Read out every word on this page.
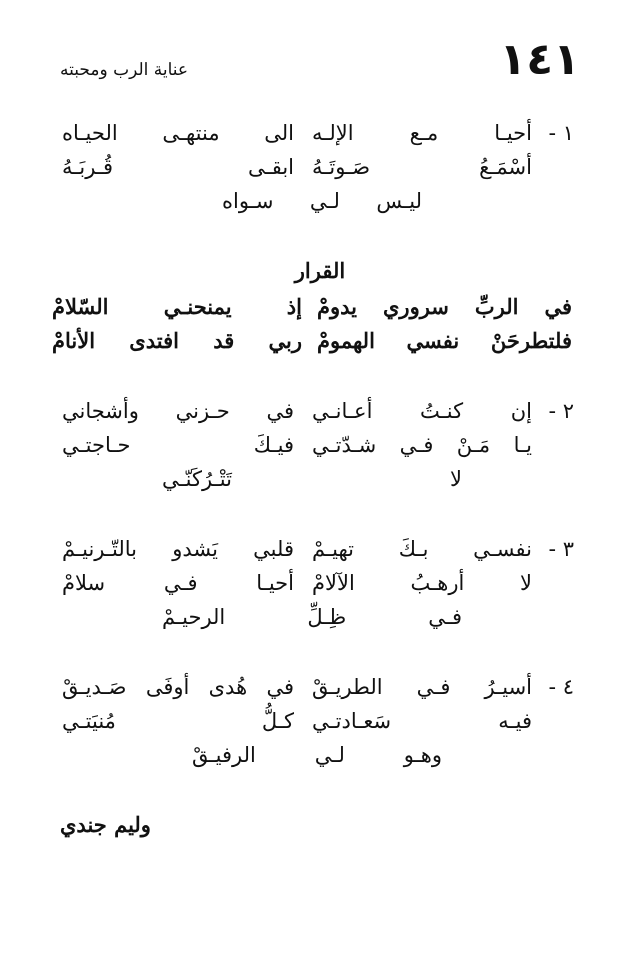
١٤١
عناية الرب ومحبته
١ -
أحيـا مـع الإلـه
الى منتهـى الحيـاه
أسْمَـعُ صَـوتَـهُ
ابقـى قُـربَـهُ
ليـس لـي سـواه
القرار
في الربِّ سروري يدومْ
إذ يمنحنـي السّلامْ
فلتطرحَنْ نفسي الهمومْ
ربي قد افتدى الأنامْ
٢ -
إن كنـتُ أعـانـي
في حـزني وأشجاني
يـا مَـنْ فـي شـدّتـي
فيـكَ حـاجتـي
لا تَتْـرُكَنّـي
٣ -
نفسـي بـكَ تهيـمْ
قلبي يَشدو بالتّـرنيـمْ
لا أرهـبُ الآلامْ
أحيـا فـي سلامْ
فـي ظِـلِّ الرحيـمْ
٤ -
أسيـرُ فـي الطريـقْ
في هُدى أوفَى صَـديـقْ
فيـه سَعـادتـي
كـلُّ مُنيَتـي
وهـو لـي الرفيـقْ
وليم جندي
